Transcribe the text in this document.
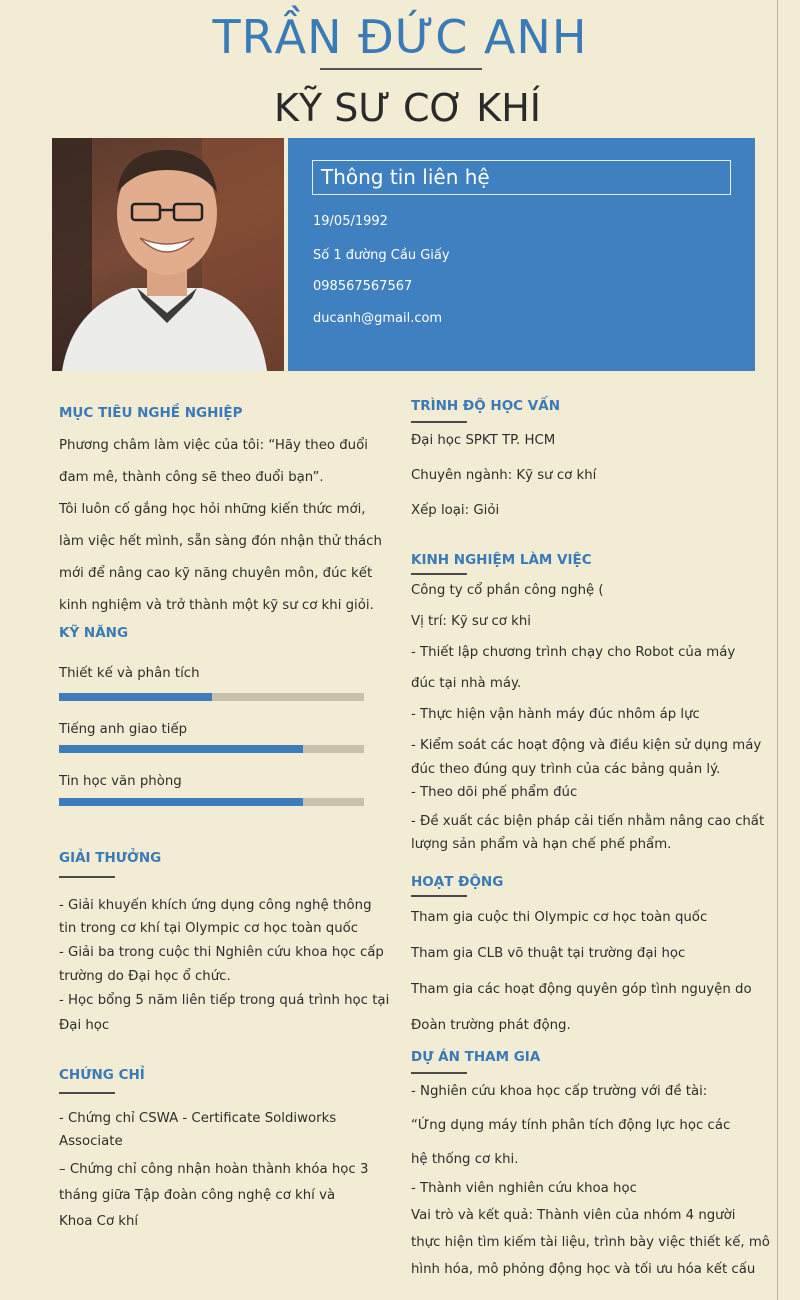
TRẦN ĐỨC ANH
KỸ SƯ CƠ KHÍ
Thông tin liên hệ
19/05/1992
Số 1 đường Cầu Giấy
098567567567
ducanh@gmail.com
MỤC TIÊU NGHỀ NGHIỆP
Phương châm làm việc của tôi: “Hãy theo đuổi
đam mê, thành công sẽ theo đuổi bạn”.
Tôi luôn cố gắng học hỏi những kiến thức mới,
làm việc hết mình, sẵn sàng đón nhận thử thách
mới để nâng cao kỹ năng chuyên môn, đúc kết
kinh nghiệm và trở thành một kỹ sư cơ khi giỏi.
KỸ NĂNG
Thiết kế và phân tích
Tiếng anh giao tiếp
Tin học văn phòng
GIẢI THƯỞNG
- Giải khuyến khích ứng dụng công nghệ thông
tin trong cơ khí tại Olympic cơ học toàn quốc
- Giải ba trong cuộc thi Nghiên cứu khoa học cấp
trường do Đại học ổ chức.
- Học bổng 5 năm liên tiếp trong quá trình học tại
Đại học
CHỨNG CHỈ
- Chứng chỉ CSWA - Certificate Soldiworks
Associate
– Chứng chỉ công nhận hoàn thành khóa học 3
tháng giữa Tập đoàn công nghệ cơ khí và
Khoa Cơ khí
TRÌNH ĐỘ HỌC VẤN
Đại học SPKT TP. HCM
Chuyên ngành: Kỹ sư cơ khí
Xếp loại: Giỏi
KINH NGHIỆM LÀM VIỆC
Công ty cổ phần công nghệ (
Vị trí: Kỹ sư cơ khi
- Thiết lập chương trình chạy cho Robot của máy
đúc tại nhà máy.
- Thực hiện vận hành máy đúc nhôm áp lực
- Kiểm soát các hoạt động và điều kiện sử dụng máy
đúc theo đúng quy trình của các bảng quản lý.
- Theo dõi phế phẩm đúc
- Đề xuất các biện pháp cải tiến nhằm nâng cao chất
lượng sản phẩm và hạn chế phế phẩm.
HOẠT ĐỘNG
Tham gia cuộc thi Olympic cơ học toàn quốc
Tham gia CLB võ thuật tại trường đại học
Tham gia các hoạt động quyên góp tình nguyện do
Đoàn trường phát động.
DỰ ÁN THAM GIA
- Nghiên cứu khoa học cấp trường với đề tài:
“Ứng dụng máy tính phân tích động lực học các
hệ thống cơ khi.
- Thành viên nghiên cứu khoa học
Vai trò và kết quả: Thành viên của nhóm 4 người
thực hiện tìm kiếm tài liệu, trình bày việc thiết kế, mô
hình hóa, mô phỏng động học và tối ưu hóa kết cấu
